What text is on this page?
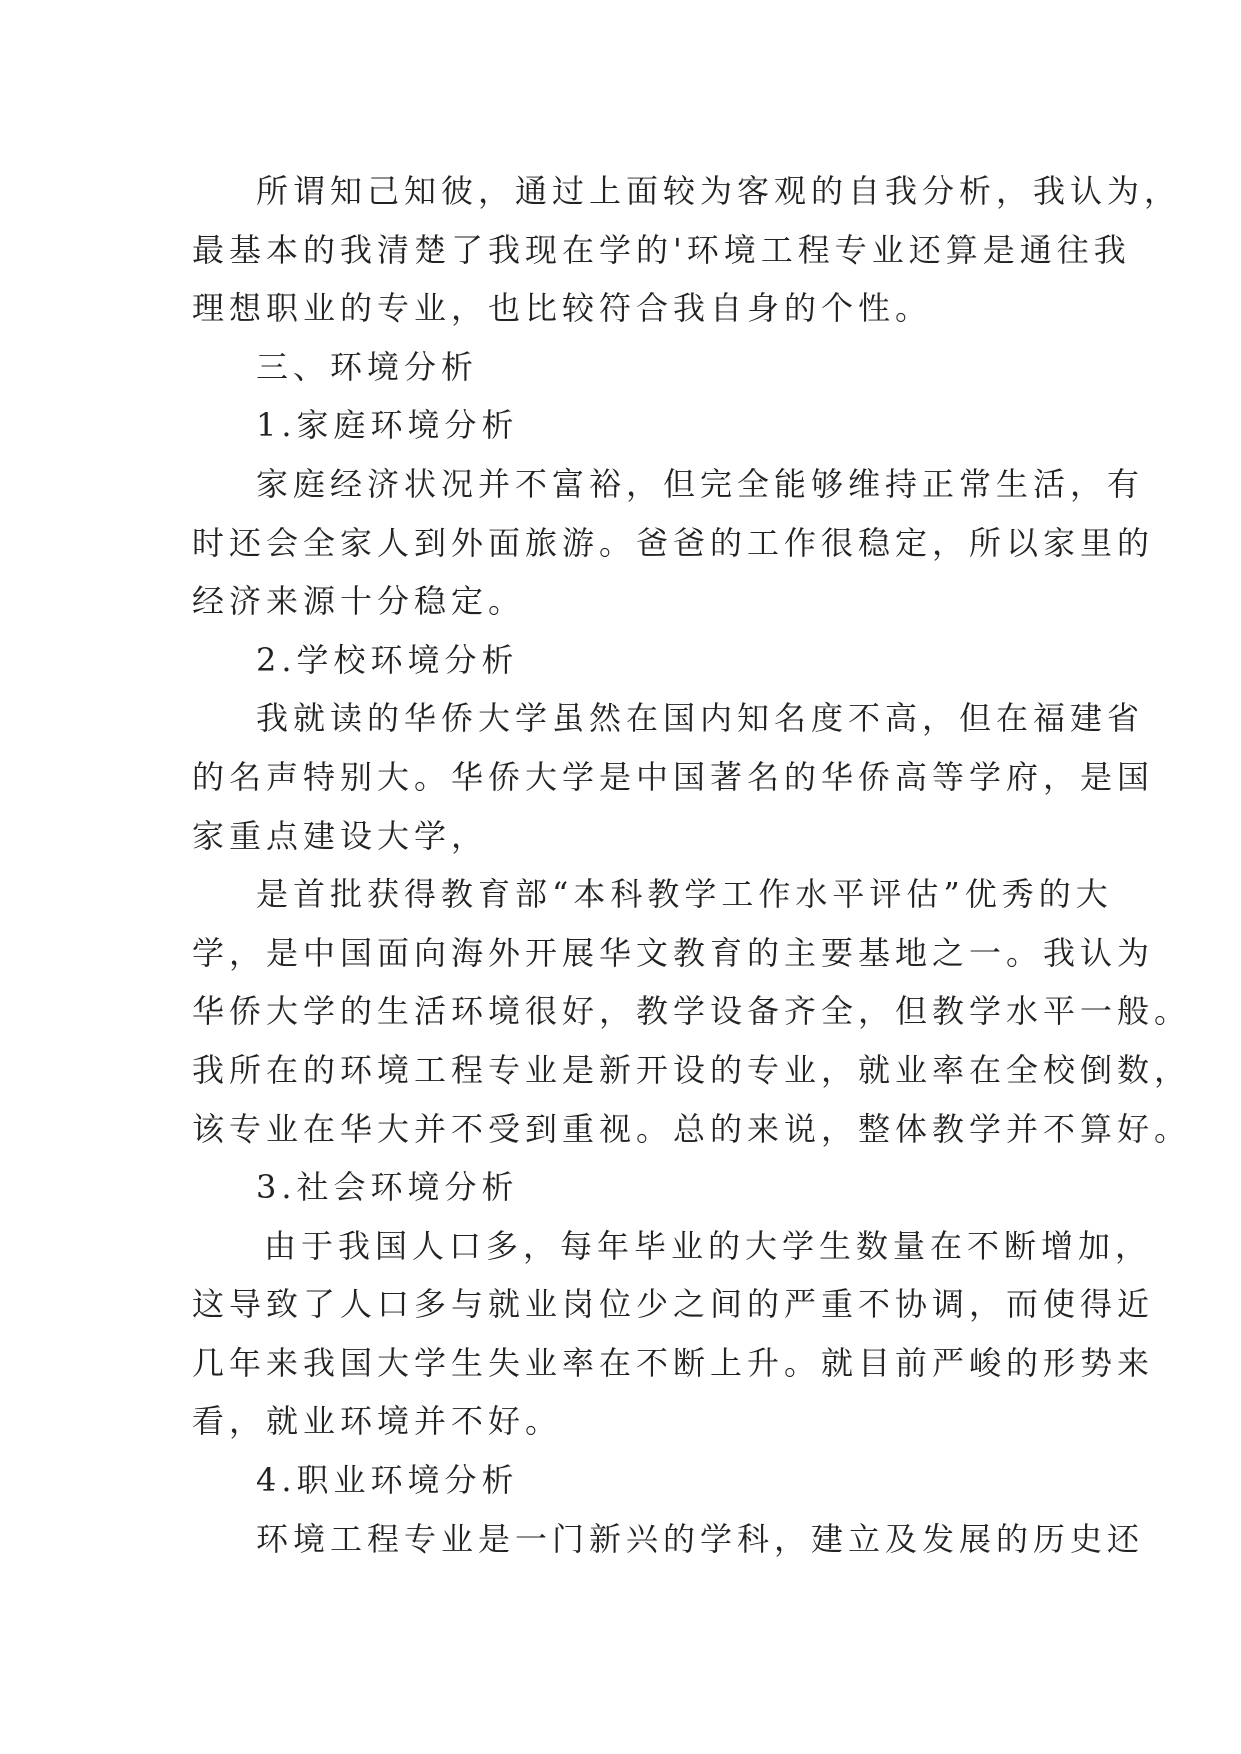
所谓知己知彼，通过上面较为客观的自我分析，我认为，
最基本的我清楚了我现在学的'环境工程专业还算是通往我
理想职业的专业，也比较符合我自身的个性。
三、环境分析
1.家庭环境分析
家庭经济状况并不富裕，但完全能够维持正常生活，有
时还会全家人到外面旅游。爸爸的工作很稳定，所以家里的
经济来源十分稳定。
2.学校环境分析
我就读的华侨大学虽然在国内知名度不高，但在福建省
的名声特别大。华侨大学是中国著名的华侨高等学府，是国
家重点建设大学，
是首批获得教育部“本科教学工作水平评估”优秀的大
学，是中国面向海外开展华文教育的主要基地之一。我认为
华侨大学的生活环境很好，教学设备齐全，但教学水平一般。
我所在的环境工程专业是新开设的专业，就业率在全校倒数，
该专业在华大并不受到重视。总的来说，整体教学并不算好。
3.社会环境分析
由于我国人口多，每年毕业的大学生数量在不断增加，
这导致了人口多与就业岗位少之间的严重不协调，而使得近
几年来我国大学生失业率在不断上升。就目前严峻的形势来
看，就业环境并不好。
4.职业环境分析
环境工程专业是一门新兴的学科，建立及发展的历史还
